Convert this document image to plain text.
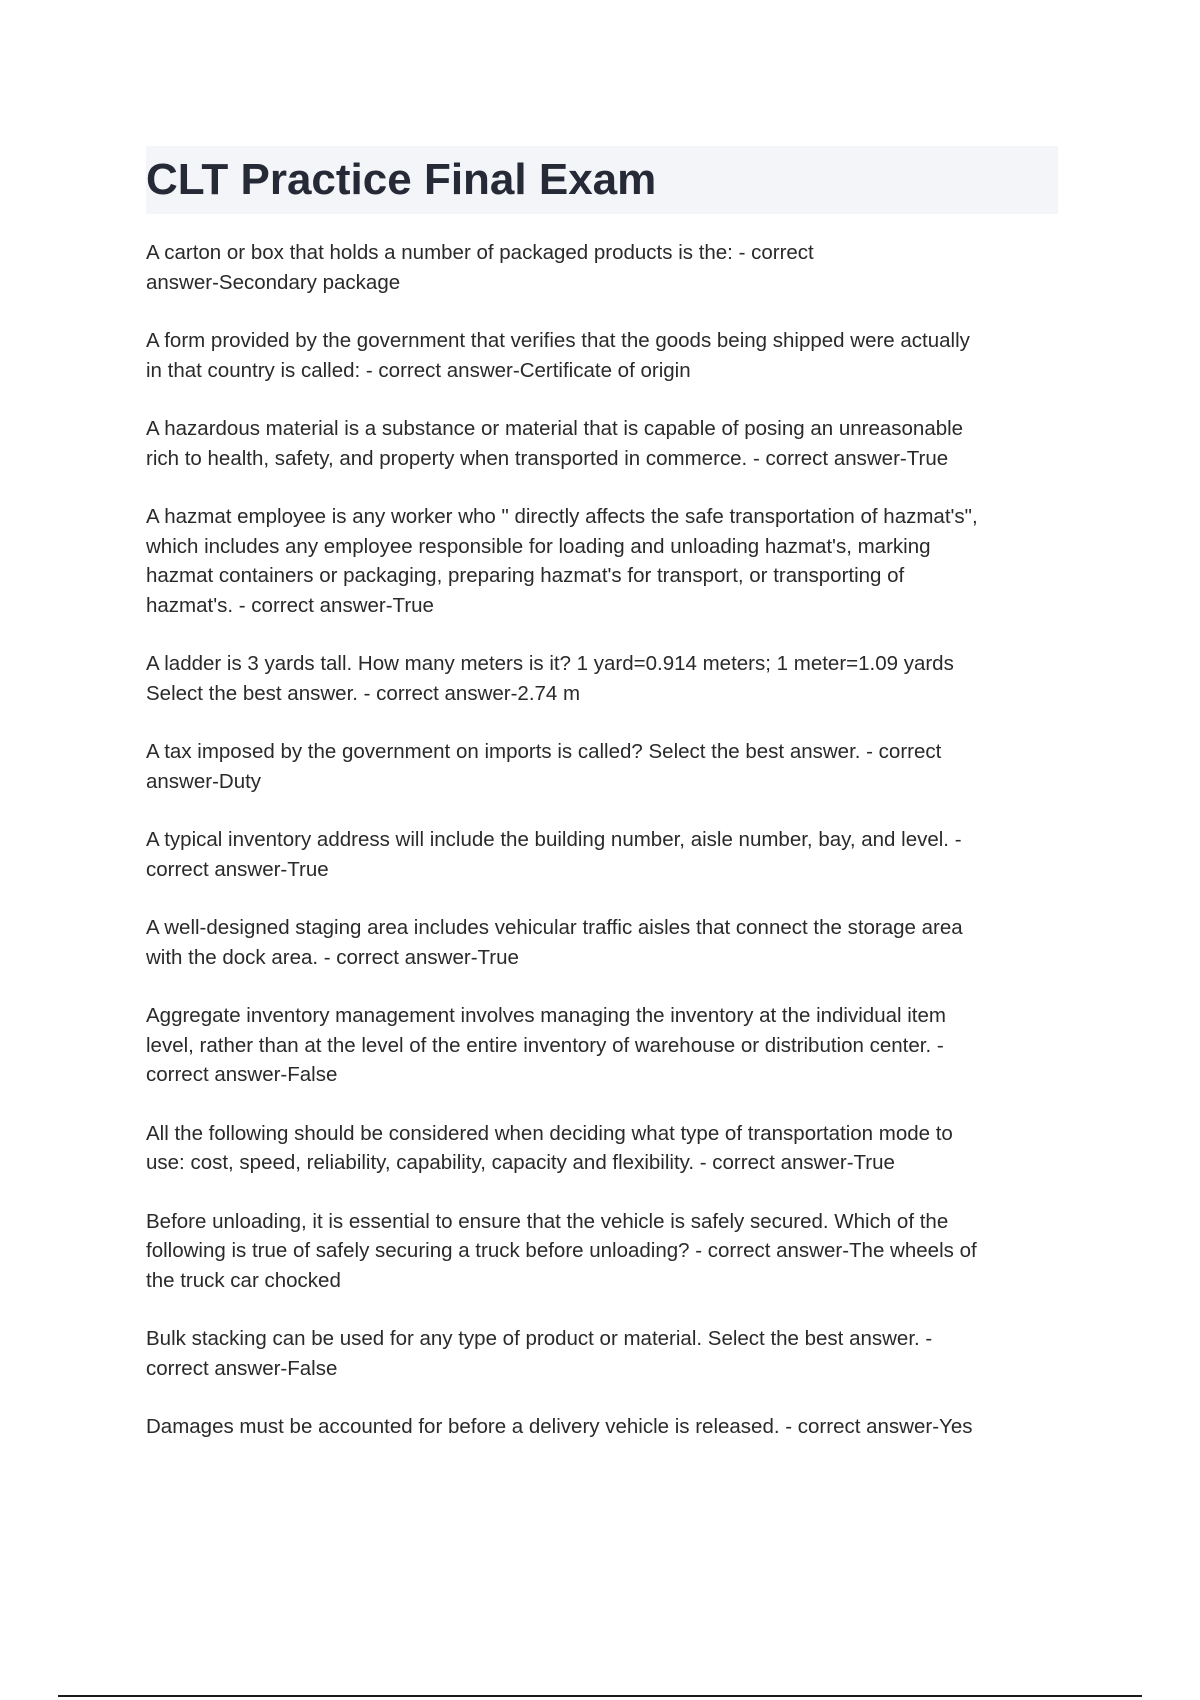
CLT Practice Final Exam
A carton or box that holds a number of packaged products is the: - correct
answer-Secondary package
A form provided by the government that verifies that the goods being shipped were actually
in that country is called: - correct answer-Certificate of origin
A hazardous material is a substance or material that is capable of posing an unreasonable
rich to health, safety, and property when transported in commerce. - correct answer-True
A hazmat employee is any worker who " directly affects the safe transportation of hazmat's",
which includes any employee responsible for loading and unloading hazmat's, marking
hazmat containers or packaging, preparing hazmat's for transport, or transporting of
hazmat's. - correct answer-True
A ladder is 3 yards tall. How many meters is it? 1 yard=0.914 meters; 1 meter=1.09 yards
Select the best answer. - correct answer-2.74 m
A tax imposed by the government on imports is called? Select the best answer. - correct
answer-Duty
A typical inventory address will include the building number, aisle number, bay, and level. -
correct answer-True
A well-designed staging area includes vehicular traffic aisles that connect the storage area
with the dock area. - correct answer-True
Aggregate inventory management involves managing the inventory at the individual item
level, rather than at the level of the entire inventory of warehouse or distribution center. -
correct answer-False
All the following should be considered when deciding what type of transportation mode to
use: cost, speed, reliability, capability, capacity and flexibility. - correct answer-True
Before unloading, it is essential to ensure that the vehicle is safely secured. Which of the
following is true of safely securing a truck before unloading? - correct answer-The wheels of
the truck car chocked
Bulk stacking can be used for any type of product or material. Select the best answer. -
correct answer-False
Damages must be accounted for before a delivery vehicle is released. - correct answer-Yes
